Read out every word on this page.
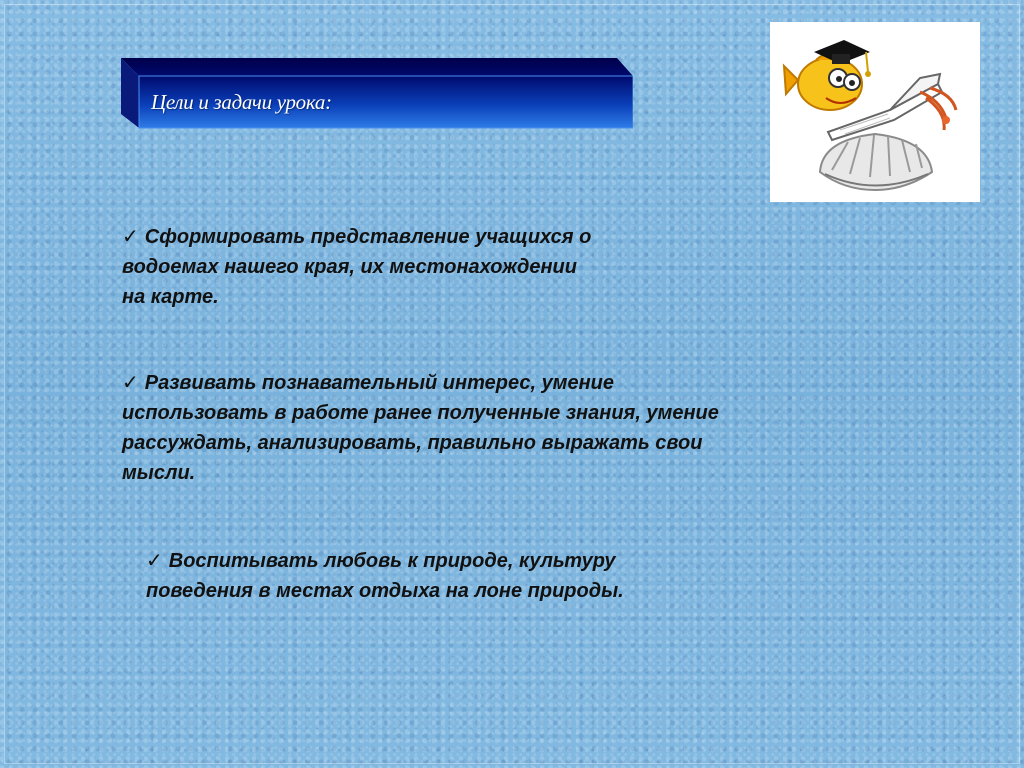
Цели и задачи урока:
✓ Сформировать представление учащихся о
водоемах нашего края, их местонахождении
на карте.
✓ Развивать познавательный интерес, умение
использовать в работе ранее полученные знания, умение
рассуждать, анализировать, правильно выражать свои
мысли.
✓ Воспитывать любовь к природе, культуру
поведения в местах отдыха на лоне природы.
